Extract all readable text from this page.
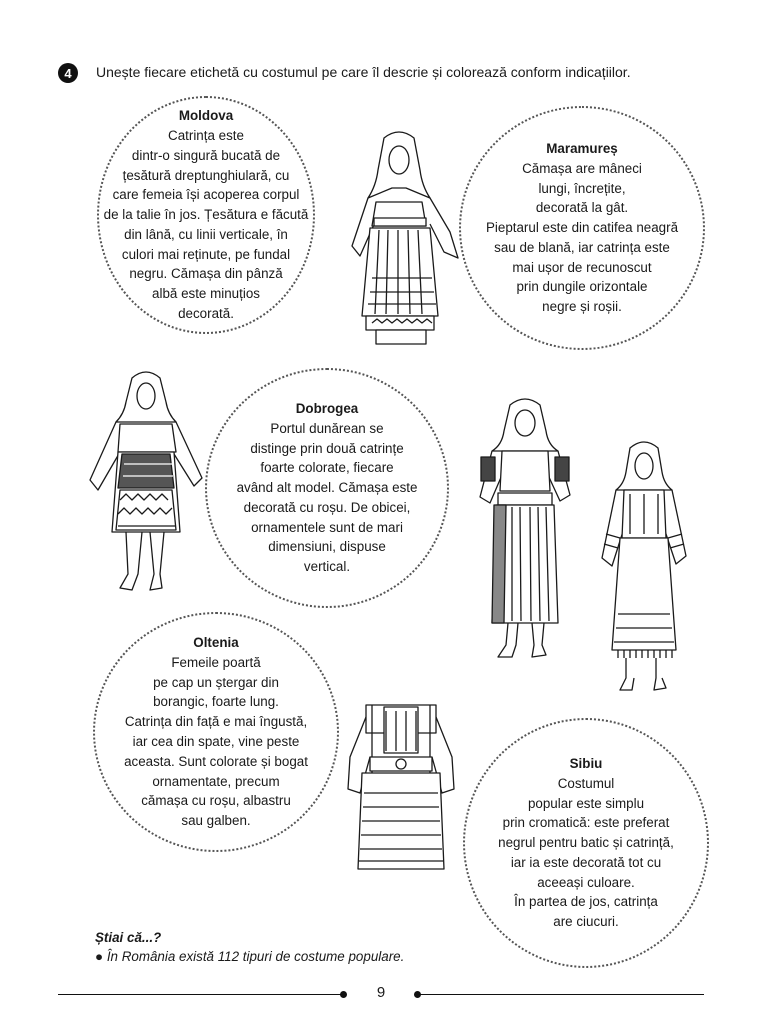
4	Unește fiecare etichetă cu costumul pe care îl descrie și colorează conform indicațiilor.
Moldova
Catrința este
dintr-o singură bucată de
țesătură dreptunghiulară, cu
care femeia își acoperea corpul
de la talie în jos. Țesătura e făcută
din lână, cu linii verticale, în
culori mai reținute, pe fundal
negru. Cămașa din pânză
albă este minuțios
decorată.
Maramureș
Cămașa are mâneci
lungi, încrețite,
decorată la gât.
Pieptarul este din catifea neagră
sau de blană, iar catrința este
mai ușor de recunoscut
prin dungile orizontale
negre și roșii.
Dobrogea
Portul dunărean se
distinge prin două catrințe
foarte colorate, fiecare
având alt model. Cămașa este
decorată cu roșu. De obicei,
ornamentele sunt de mari
dimensiuni, dispuse
vertical.
Oltenia
Femeile poartă
pe cap un ștergar din
borangic, foarte lung.
Catrința din față e mai îngustă,
iar cea din spate, vine peste
aceasta. Sunt colorate și bogat
ornamentate, precum
cămașa cu roșu, albastru
sau galben.
Sibiu
Costumul
popular este simplu
prin cromatică: este preferat
negrul pentru batic și catrință,
iar ia este decorată tot cu
aceeași culoare.
În partea de jos, catrința
are ciucuri.
Știai că...?
● În România există 112 tipuri de costume populare.
9
